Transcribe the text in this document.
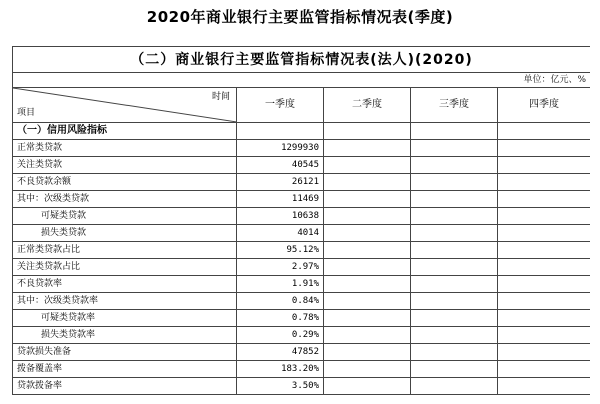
2020年商业银行主要监管指标情况表(季度)
（二）商业银行主要监管指标情况表(法人)(2020)				
单位：亿元、%				

时间
项目	一季度	二季度	三季度	四季度
（一）信用风险指标				
正常类贷款	1299930			
关注类贷款	40545			
不良贷款余额	26121			
其中：次级类贷款	11469			
可疑类贷款	10638			
损失类贷款	4014			
正常类贷款占比	95.12%			
关注类贷款占比	2.97%			
不良贷款率	1.91%			
其中：次级类贷款率	0.84%			
可疑类贷款率	0.78%			
损失类贷款率	0.29%			
贷款损失准备	47852			
拨备覆盖率	183.20%			
贷款拨备率	3.50%			
